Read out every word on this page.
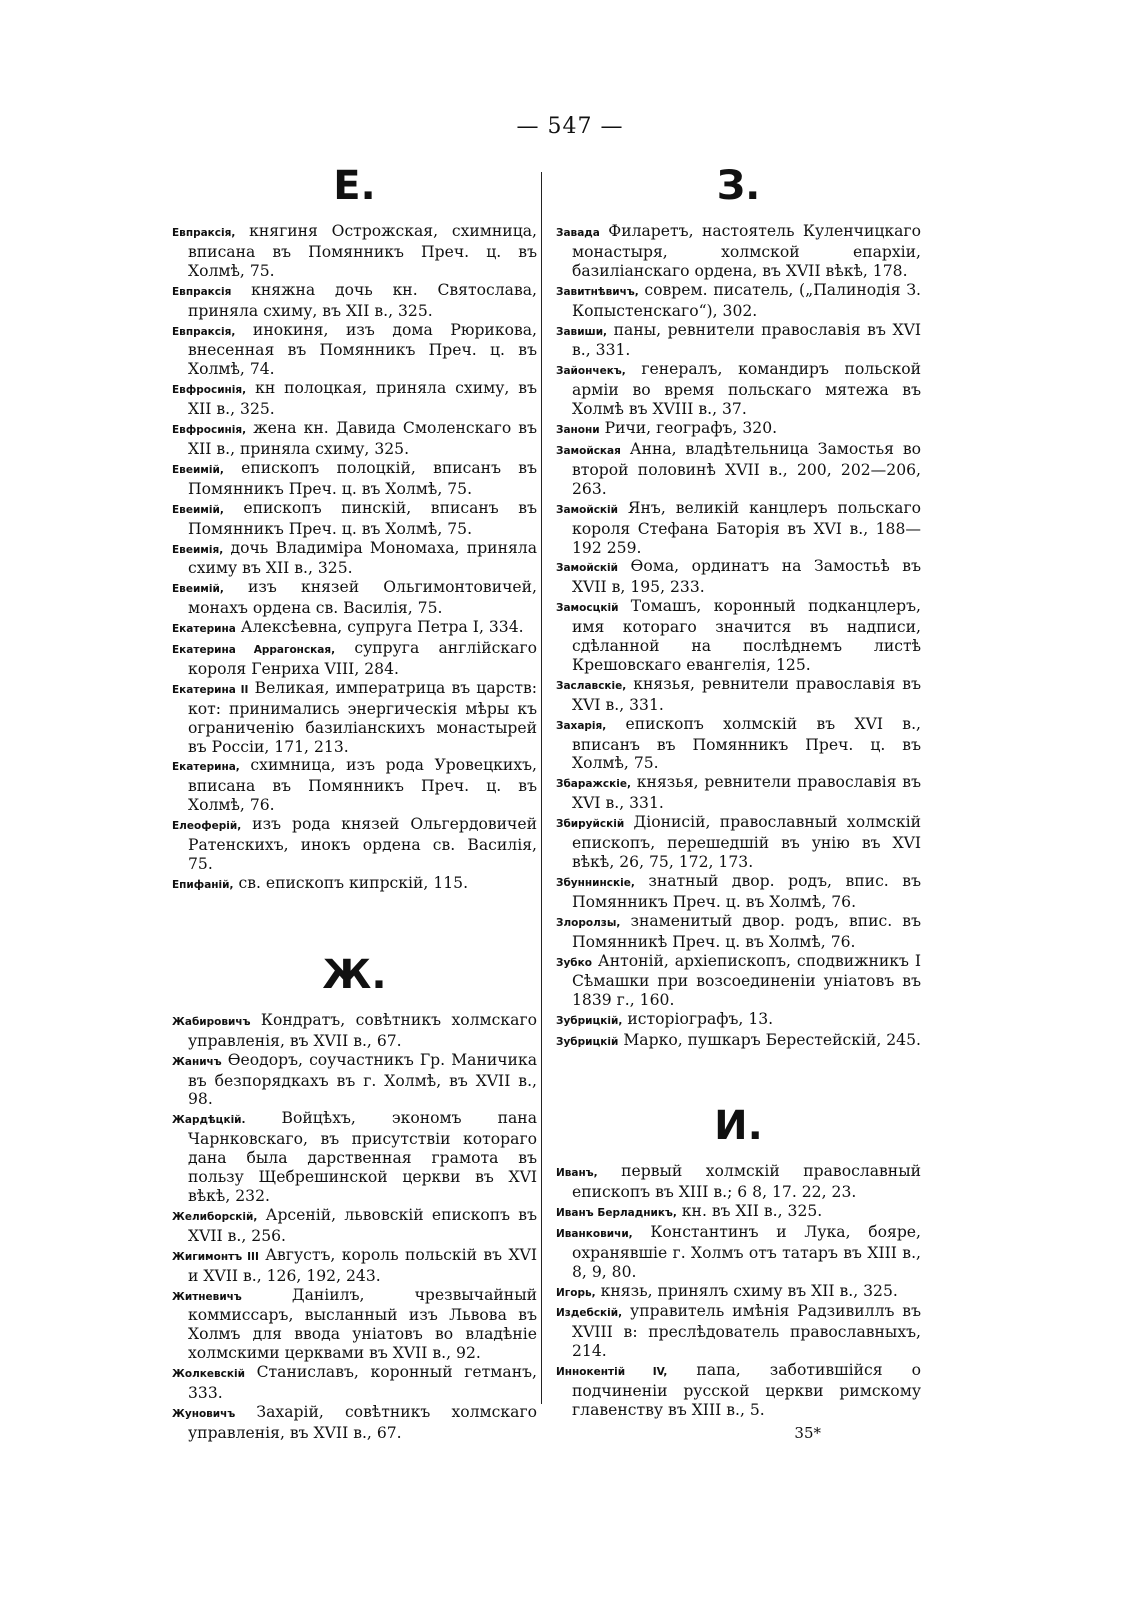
— 547 —
Е.

Евпраксія, княгиня Острожская, схимница, вписана въ Помянникъ Преч. ц. въ Холмѣ, 75.

Евпраксія княжна дочь кн. Святослава, приняла схиму, въ XII в., 325.

Евпраксія, инокиня, изъ дома Рюрикова, внесенная въ Помянникъ Преч. ц. въ Холмѣ, 74.

Евфросинія, кн полоцкая, приняла схиму, въ XII в., 325.

Евфросинія, жена кн. Давида Смоленскаго въ XII в., приняла схиму, 325.

Евеимій, епископъ полоцкій, вписанъ въ Помянникъ Преч. ц. въ Холмѣ, 75.

Евеимій, епископъ пинскій, вписанъ въ Помянникъ Преч. ц. въ Холмѣ, 75.

Евеимія, дочь Владиміра Мономаха, приняла схиму въ XII в., 325.

Евеимій, изъ князей Ольгимонтовичей, монахъ ордена св. Василія, 75.

Екатерина Алексѣевна, супруга Петра I, 334.

Екатерина Аррагонская, супруга англійскаго короля Генриха VIII, 284.

Екатерина II Великая, императрица въ царств: кот: принимались энергическія мѣры къ ограниченію базиліанскихъ монастырей въ Россіи, 171, 213.

Екатерина, схимница, изъ рода Уровецкихъ, вписана въ Помянникъ Преч. ц. въ Холмѣ, 76.

Елеоферій, изъ рода князей Ольгердовичей Ратенскихъ, инокъ ордена св. Василія, 75.

Епифаній, св. епископъ кипрскій, 115.

Ж.

Жабировичъ Кондратъ, совѣтникъ холмскаго управленія, въ XVII в., 67.

Жаничъ Ѳеодоръ, соучастникъ Гр. Маничика въ безпорядкахъ въ г. Холмѣ, въ XVII в., 98.

Жардѣцкій. Войцѣхъ, экономъ пана Чарнковскаго, въ присутствіи котораго дана была дарственная грамота въ пользу Щебрешинской церкви въ XVI вѣкѣ, 232.

Желиборскій, Арсеній, львовскій епископъ въ XVII в., 256.

Жигимонтъ III Августъ, король польскій въ XVI и XVII в., 126, 192, 243.

Житневичъ Даніилъ, чрезвычайный коммиссаръ, высланный изъ Львова въ Холмъ для ввода уніатовъ во владѣніе холмскими церквами въ XVII в., 92.

Жолкевскій Станиславъ, коронный гетманъ, 333.

Жуновичъ Захарій, совѣтникъ холмскаго управленія, въ XVII в., 67.

З.

Завада Филаретъ, настоятель Куленчицкаго монастыря, холмской епархіи, базиліанскаго ордена, въ XVII вѣкѣ, 178.

Завитнѣвичъ, соврем. писатель, („Палинодія З. Копыстенскаго“), 302.

Завиши, паны, ревнители православія въ XVI в., 331.

Зайончекъ, генералъ, командиръ польской арміи во время польскаго мятежа въ Холмѣ въ XVIII в., 37.

Занони Ричи, географъ, 320.

Замойская Анна, владѣтельница Замостья во второй половинѣ XVII в., 200, 202—206, 263.

Замойскій Янъ, великій канцлеръ польскаго короля Стефана Баторія въ XVI в., 188—192 259.

Замойскій Ѳома, ординатъ на Замостьѣ въ XVII в, 195, 233.

Замосцкій Томашъ, коронный подканцлеръ, имя котораго значится въ надписи, сдѣланной на послѣднемъ листѣ Крешовскаго евангелія, 125.

Заславскіе, князья, ревнители православія въ XVI в., 331.

Захарія, епископъ холмскій въ XVI в., вписанъ въ Помянникъ Преч. ц. въ Холмѣ, 75.

Збаражскіе, князья, ревнители православія въ XVI в., 331.

Збируйскій Діонисій, православный холмскій епископъ, перешедшій въ унію въ XVI вѣкѣ, 26, 75, 172, 173.

Збуннинскіе, знатный двор. родъ, впис. въ Помянникъ Преч. ц. въ Холмѣ, 76.

Злоролзы, знаменитый двор. родъ, впис. въ Помянникѣ Преч. ц. въ Холмѣ, 76.

Зубко Антоній, архіепископъ, сподвижникъ I Сѣмашки при возсоединеніи уніатовъ въ 1839 г., 160.

Зубрицкій, исторіографъ, 13.

Зубрицкій Марко, пушкаръ Берестейскій, 245.

И.

Иванъ, первый холмскій православный епископъ въ XIII в.; 6 8, 17. 22, 23.

Иванъ Берладникъ, кн. въ XII в., 325.

Иванковичи, Константинъ и Лука, бояре, охранявшіе г. Холмъ отъ татаръ въ XIII в., 8, 9, 80.

Игорь, князь, принялъ схиму въ XII в., 325.

Издебскій, управитель имѣнія Радзивиллъ въ XVIII в: преслѣдователь православныхъ, 214.

Иннокентій IV, папа, заботившійся о подчиненіи русской церкви римскому главенству въ XIII в., 5.

35*
